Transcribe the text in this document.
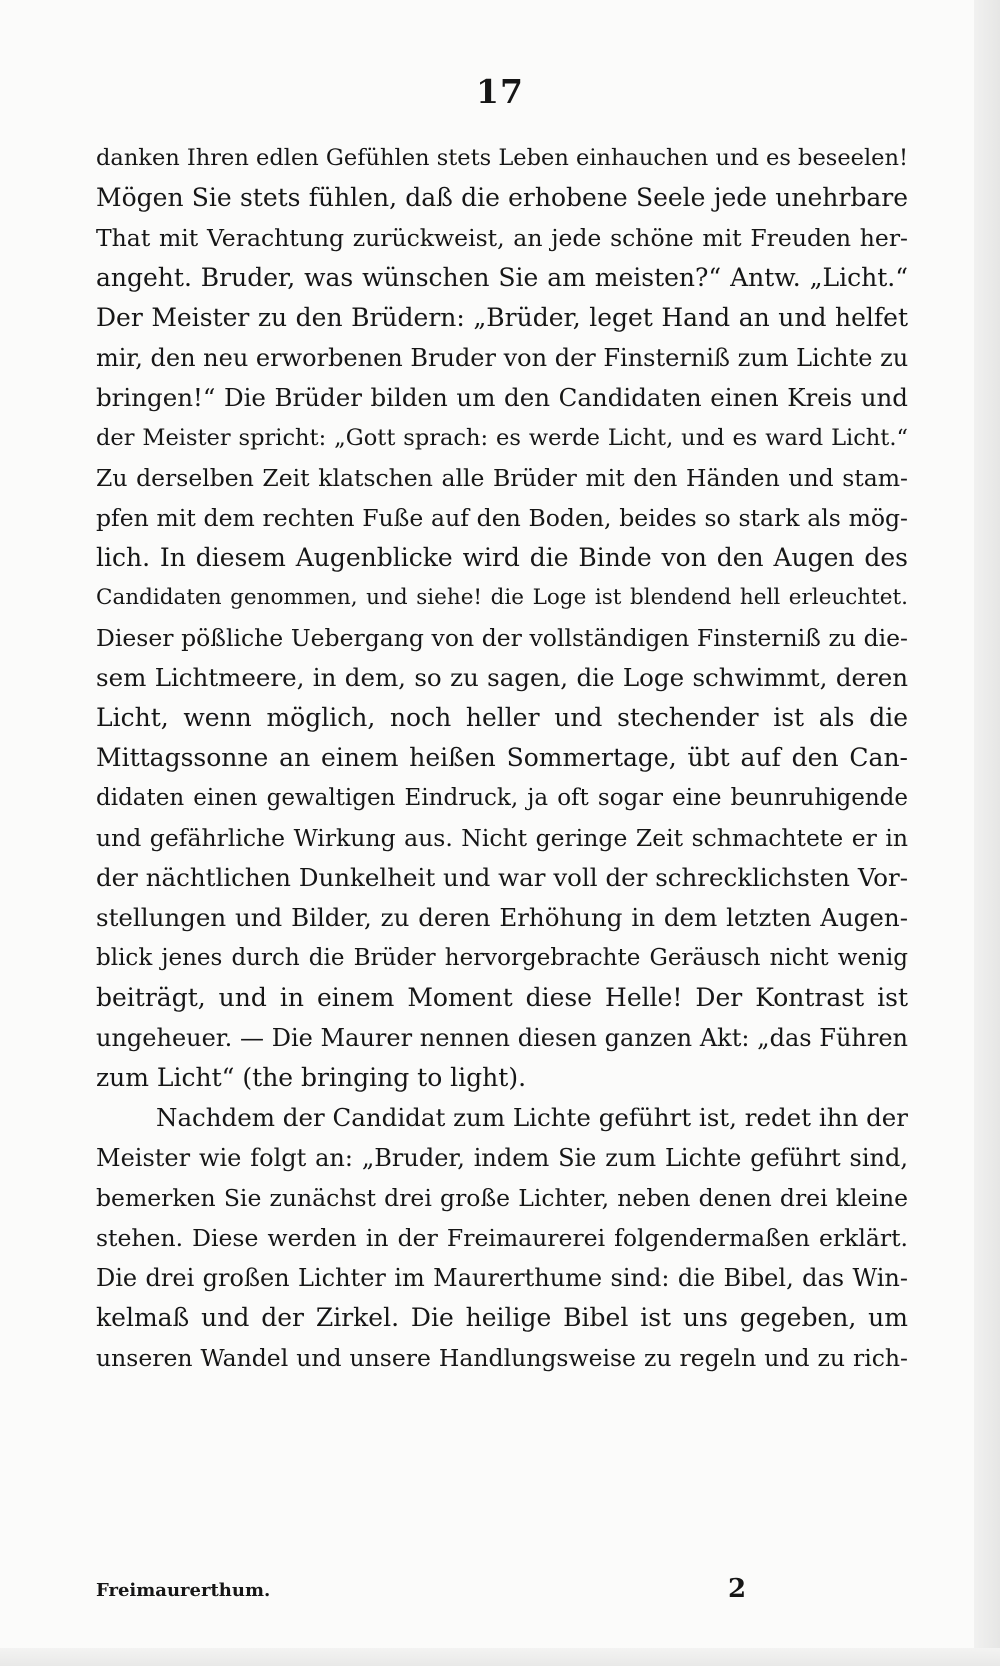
17
danken Ihren edlen Gefühlen stets Leben einhauchen und es beseelen!
Mögen Sie stets fühlen, daß die erhobene Seele jede unehrbare
That mit Verachtung zurückweist, an jede schöne mit Freuden her-
angeht. Bruder, was wünschen Sie am meisten?“ Antw. „Licht.“
Der Meister zu den Brüdern: „Brüder, leget Hand an und helfet
mir, den neu erworbenen Bruder von der Finsterniß zum Lichte zu
bringen!“ Die Brüder bilden um den Candidaten einen Kreis und
der Meister spricht: „Gott sprach: es werde Licht, und es ward Licht.“
Zu derselben Zeit klatschen alle Brüder mit den Händen und stam-
pfen mit dem rechten Fuße auf den Boden, beides so stark als mög-
lich. In diesem Augenblicke wird die Binde von den Augen des
Candidaten genommen, und siehe! die Loge ist blendend hell erleuchtet.
Dieser pößliche Uebergang von der vollständigen Finsterniß zu die-
sem Lichtmeere, in dem, so zu sagen, die Loge schwimmt, deren
Licht, wenn möglich, noch heller und stechender ist als die
Mittagssonne an einem heißen Sommertage, übt auf den Can-
didaten einen gewaltigen Eindruck, ja oft sogar eine beunruhigende
und gefährliche Wirkung aus. Nicht geringe Zeit schmachtete er in
der nächtlichen Dunkelheit und war voll der schrecklichsten Vor-
stellungen und Bilder, zu deren Erhöhung in dem letzten Augen-
blick jenes durch die Brüder hervorgebrachte Geräusch nicht wenig
beiträgt, und in einem Moment diese Helle! Der Kontrast ist
ungeheuer. — Die Maurer nennen diesen ganzen Akt: „das Führen
zum Licht“ (the bringing to light).
Nachdem der Candidat zum Lichte geführt ist, redet ihn der
Meister wie folgt an: „Bruder, indem Sie zum Lichte geführt sind,
bemerken Sie zunächst drei große Lichter, neben denen drei kleine
stehen. Diese werden in der Freimaurerei folgendermaßen erklärt.
Die drei großen Lichter im Maurerthume sind: die Bibel, das Win-
kelmaß und der Zirkel. Die heilige Bibel ist uns gegeben, um
unseren Wandel und unsere Handlungsweise zu regeln und zu rich-
Freimaurerthum.	2
